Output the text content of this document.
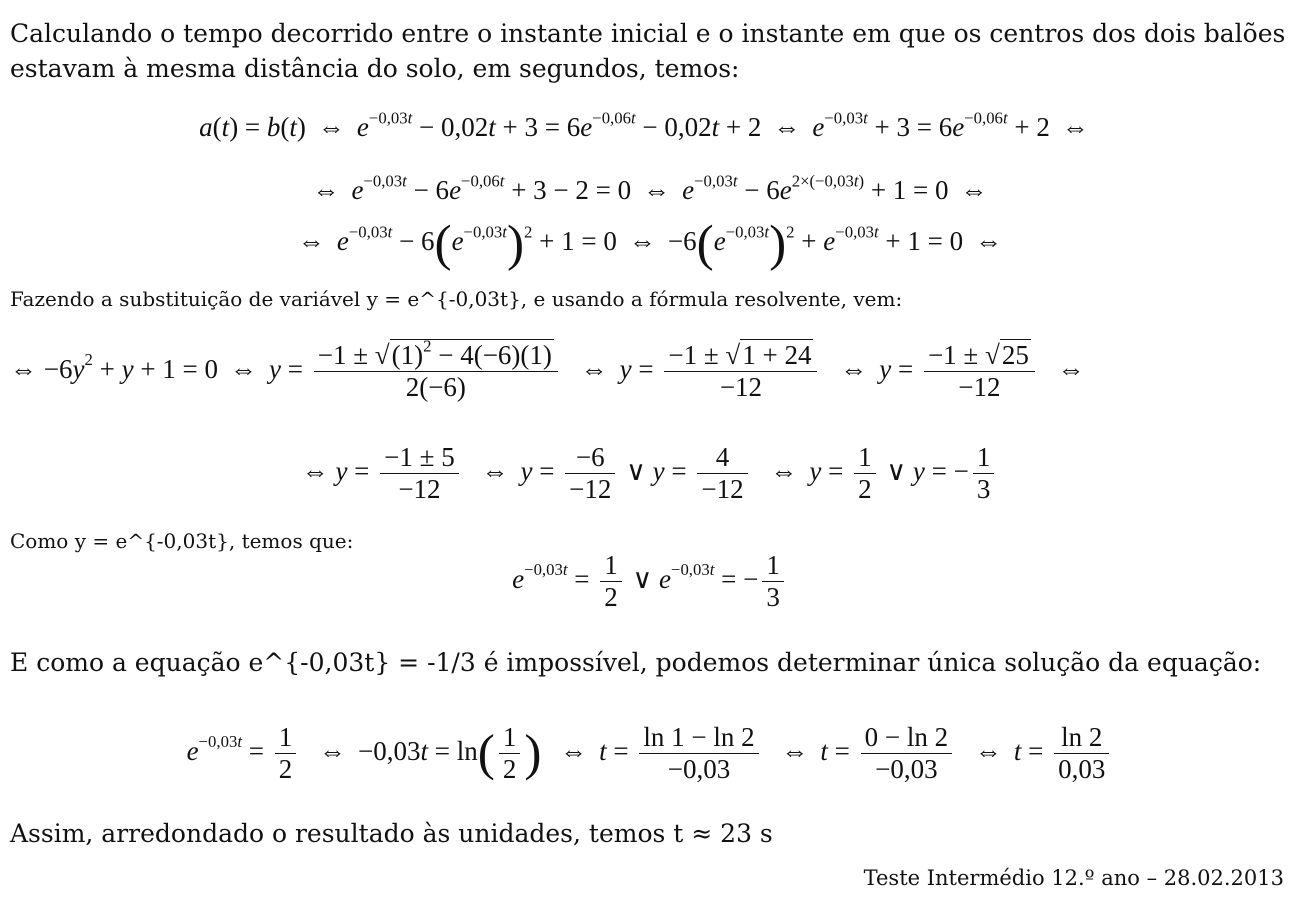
Calculando o tempo decorrido entre o instante inicial e o instante em que os centros dos dois balões estavam à mesma distância do solo, em segundos, temos:
a(t) = b(t) ⇔ $e^{-0,03t} - 0,02t + 3 = 6e^{-0,06t} - 0,02t + 2$ ⇔ $e^{-0,03t} + 3 = 6e^{-0,06t} + 2$ ⇔
⇔ $e^{-0,03t} - 6e^{-0,06t} + 3 - 2 = 0$ ⇔ $e^{-0,03t} - 6e^{2\times(-0,03t)} + 1 = 0$ ⇔
⇔ $e^{-0,03t} - 6(e^{-0,03t})^2 + 1 = 0$ ⇔ $-6(e^{-0,03t})^2 + e^{-0,03t} + 1 = 0$ ⇔
Fazendo a substituição de variável y = e^{-0,03t}, e usando a fórmula resolvente, vem:
⇔ $-6y^2 + y + 1 = 0$ ⇔ $y = \frac{-1 \pm √(1)^2 - 4(-6)(1)}{2(-6)}$ ⇔ $y = \frac{-1 \pm √1 + 24}{-12}$ ⇔ $y = \frac{-1 \pm √25}{-12}$ ⇔
⇔ $y = \frac{-1 \pm 5}{-12}$ ⇔ $y = \frac{-6}{-12}$ ∨ $y = \frac{4}{-12}$ ⇔ $y = \frac{1}{2}$ ∨ y = − $\frac{1}{3}$
Como y = e^{-0,03t}, temos que:
$e^{-0,03t} = \frac{1}{2}$ ∨ $e^{-0,03t}$ = − $\frac{1}{3}$
E como a equação e^{-0,03t} = -1/3 é impossível, podemos determinar única solução da equação:
$e^{-0,03t} = \frac{1}{2}$ ⇔ $-0,03t = \ln( \frac{1}{2}$ ) ⇔ $t = \frac{\ln 1 - \ln 2}{-0,03}$ ⇔ $t = \frac{0 - \ln 2}{-0,03}$ ⇔ $t = \frac{\ln 2}{0,03}$
Assim, arredondado o resultado às unidades, temos t ≈ 23 s
Teste Intermédio 12.º ano – 28.02.2013
